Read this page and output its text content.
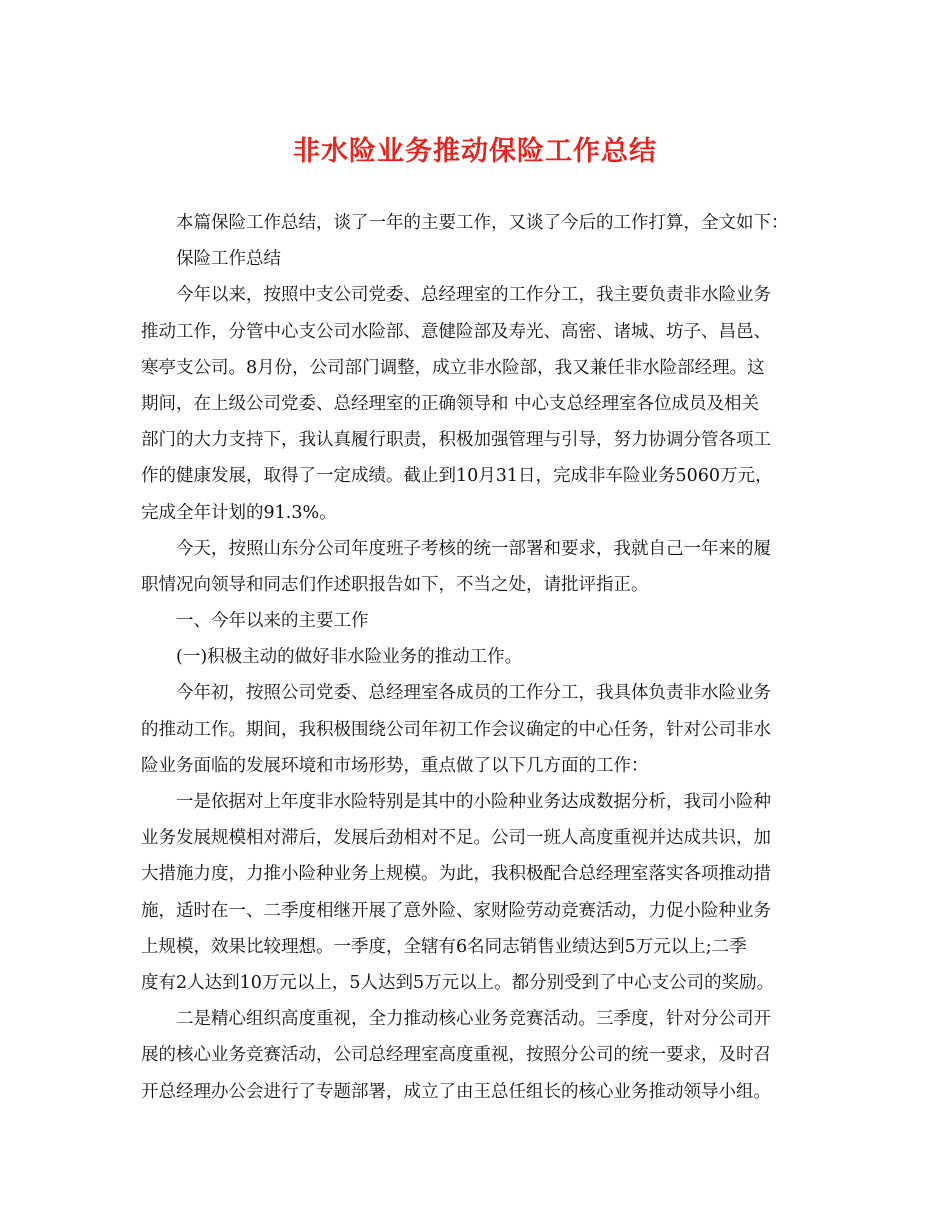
非水险业务推动保险工作总结
本篇保险工作总结，谈了一年的主要工作，又谈了今后的工作打算，全文如下：
保险工作总结
今年以来，按照中支公司党委、总经理室的工作分工，我主要负责非水险业务
推动工作，分管中心支公司水险部、意健险部及寿光、高密、诸城、坊子、昌邑、
寒亭支公司。8月份，公司部门调整，成立非水险部，我又兼任非水险部经理。这
期间，在上级公司党委、总经理室的正确领导和 中心支总经理室各位成员及相关
部门的大力支持下，我认真履行职责，积极加强管理与引导，努力协调分管各项工
作的健康发展，取得了一定成绩。截止到10月31日，完成非车险业务5060万元，
完成全年计划的91.3%。
今天，按照山东分公司年度班子考核的统一部署和要求，我就自己一年来的履
职情况向领导和同志们作述职报告如下，不当之处，请批评指正。
一、今年以来的主要工作
(一)积极主动的做好非水险业务的推动工作。
今年初，按照公司党委、总经理室各成员的工作分工，我具体负责非水险业务
的推动工作。期间，我积极围绕公司年初工作会议确定的中心任务，针对公司非水
险业务面临的发展环境和市场形势，重点做了以下几方面的工作：
一是依据对上年度非水险特别是其中的小险种业务达成数据分析，我司小险种
业务发展规模相对滞后，发展后劲相对不足。公司一班人高度重视并达成共识，加
大措施力度，力推小险种业务上规模。为此，我积极配合总经理室落实各项推动措
施，适时在一、二季度相继开展了意外险、家财险劳动竞赛活动，力促小险种业务
上规模，效果比较理想。一季度，全辖有6名同志销售业绩达到5万元以上;二季
度有2人达到10万元以上，5人达到5万元以上。都分别受到了中心支公司的奖励。
二是精心组织高度重视，全力推动核心业务竞赛活动。三季度，针对分公司开
展的核心业务竞赛活动，公司总经理室高度重视，按照分公司的统一要求，及时召
开总经理办公会进行了专题部署，成立了由王总任组长的核心业务推动领导小组。
